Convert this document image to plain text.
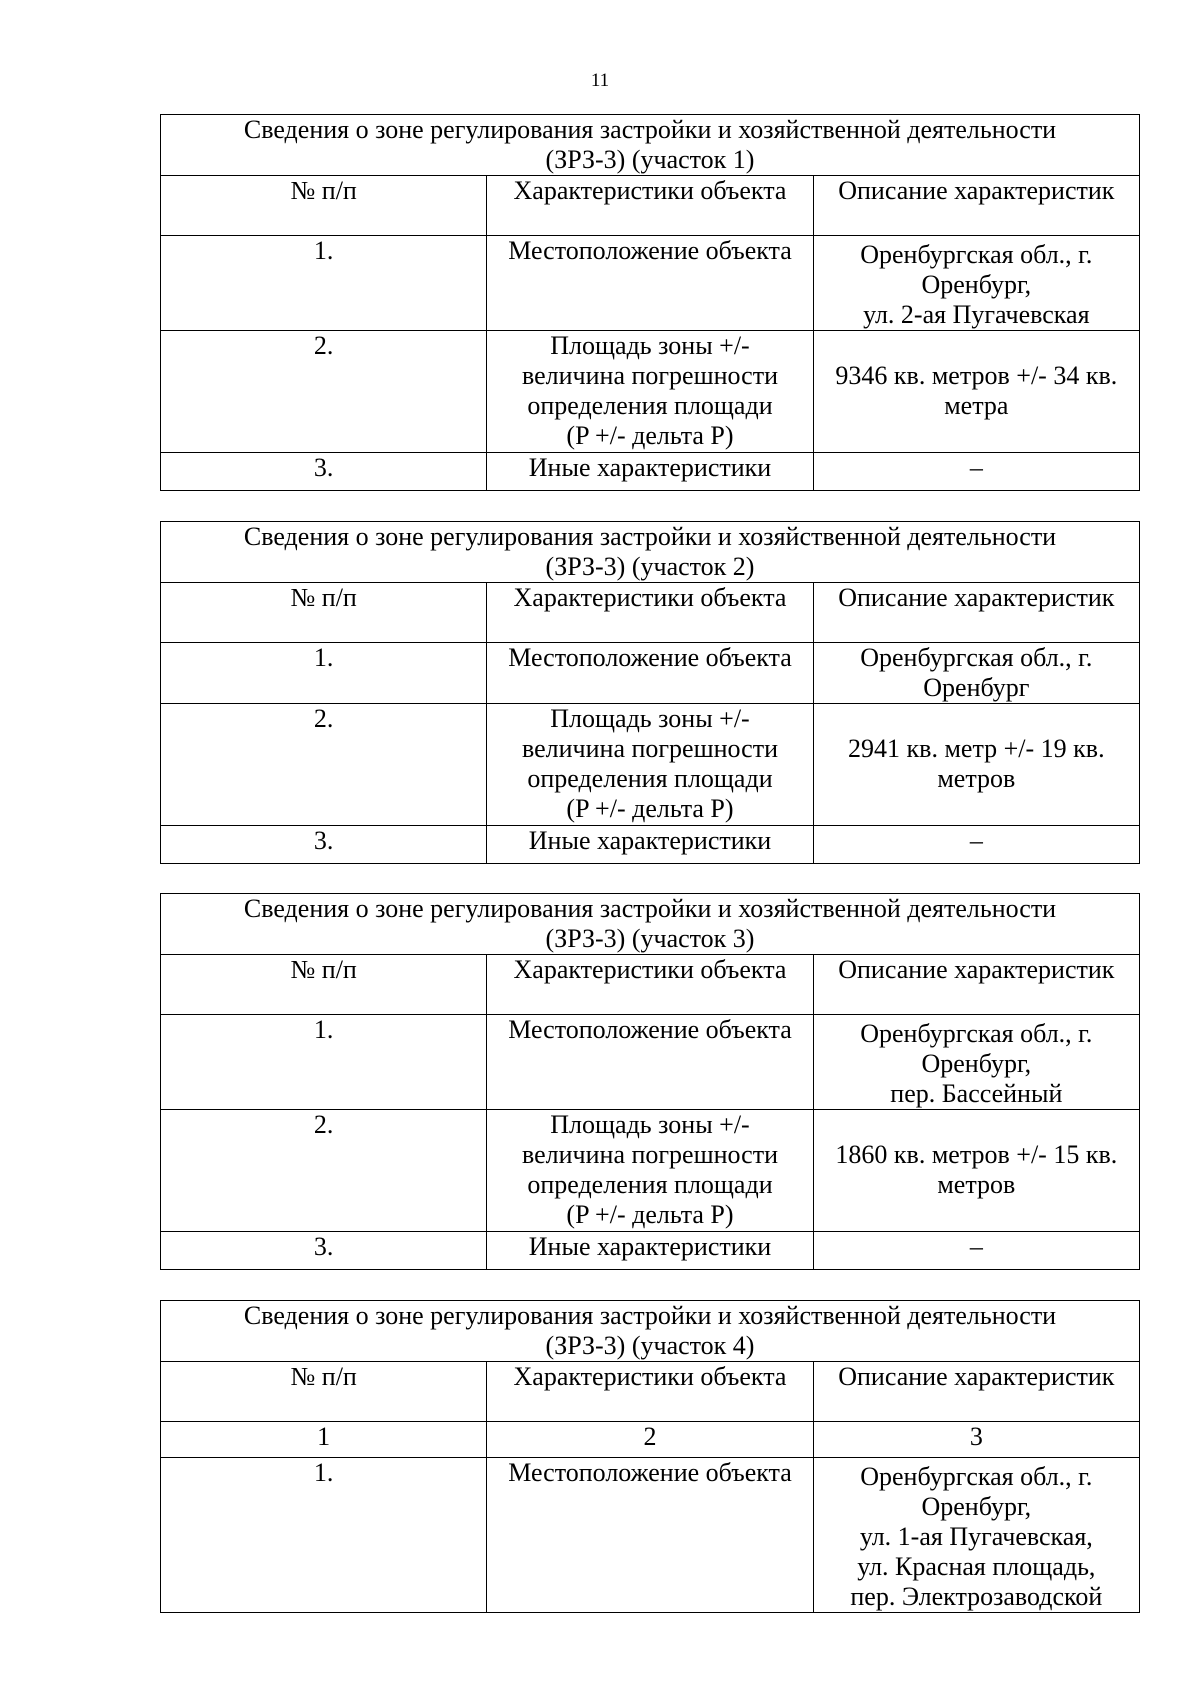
11
Сведения о зоне регулирования застройки и хозяйственной деятельности
(ЗРЗ-3) (участок 1)		
№ п/п	Характеристики объекта	Описание характеристик
1.	Местоположение объекта	Оренбургская обл., г. Оренбург,
ул. 2-ая Пугачевская
2.	Площадь зоны +/-
величина погрешности
определения площади
(P +/- дельта P)	9346 кв. метров +/- 34 кв. метра
3.	Иные характеристики	–
Сведения о зоне регулирования застройки и хозяйственной деятельности
(ЗРЗ-3) (участок 2)		
№ п/п	Характеристики объекта	Описание характеристик
1.	Местоположение объекта	Оренбургская обл., г. Оренбург
2.	Площадь зоны +/-
величина погрешности
определения площади
(P +/- дельта P)	2941 кв. метр +/- 19 кв. метров
3.	Иные характеристики	–
Сведения о зоне регулирования застройки и хозяйственной деятельности
(ЗРЗ-3) (участок 3)		
№ п/п	Характеристики объекта	Описание характеристик
1.	Местоположение объекта	Оренбургская обл., г. Оренбург,
пер. Бассейный
2.	Площадь зоны +/-
величина погрешности
определения площади
(P +/- дельта P)	1860 кв. метров +/- 15 кв. метров
3.	Иные характеристики	–
Сведения о зоне регулирования застройки и хозяйственной деятельности
(ЗРЗ-3) (участок 4)		
№ п/п	Характеристики объекта	Описание характеристик
1	2	3
1.	Местоположение объекта	Оренбургская обл., г. Оренбург,
ул. 1-ая Пугачевская,
ул. Красная площадь,
пер. Электрозаводской
